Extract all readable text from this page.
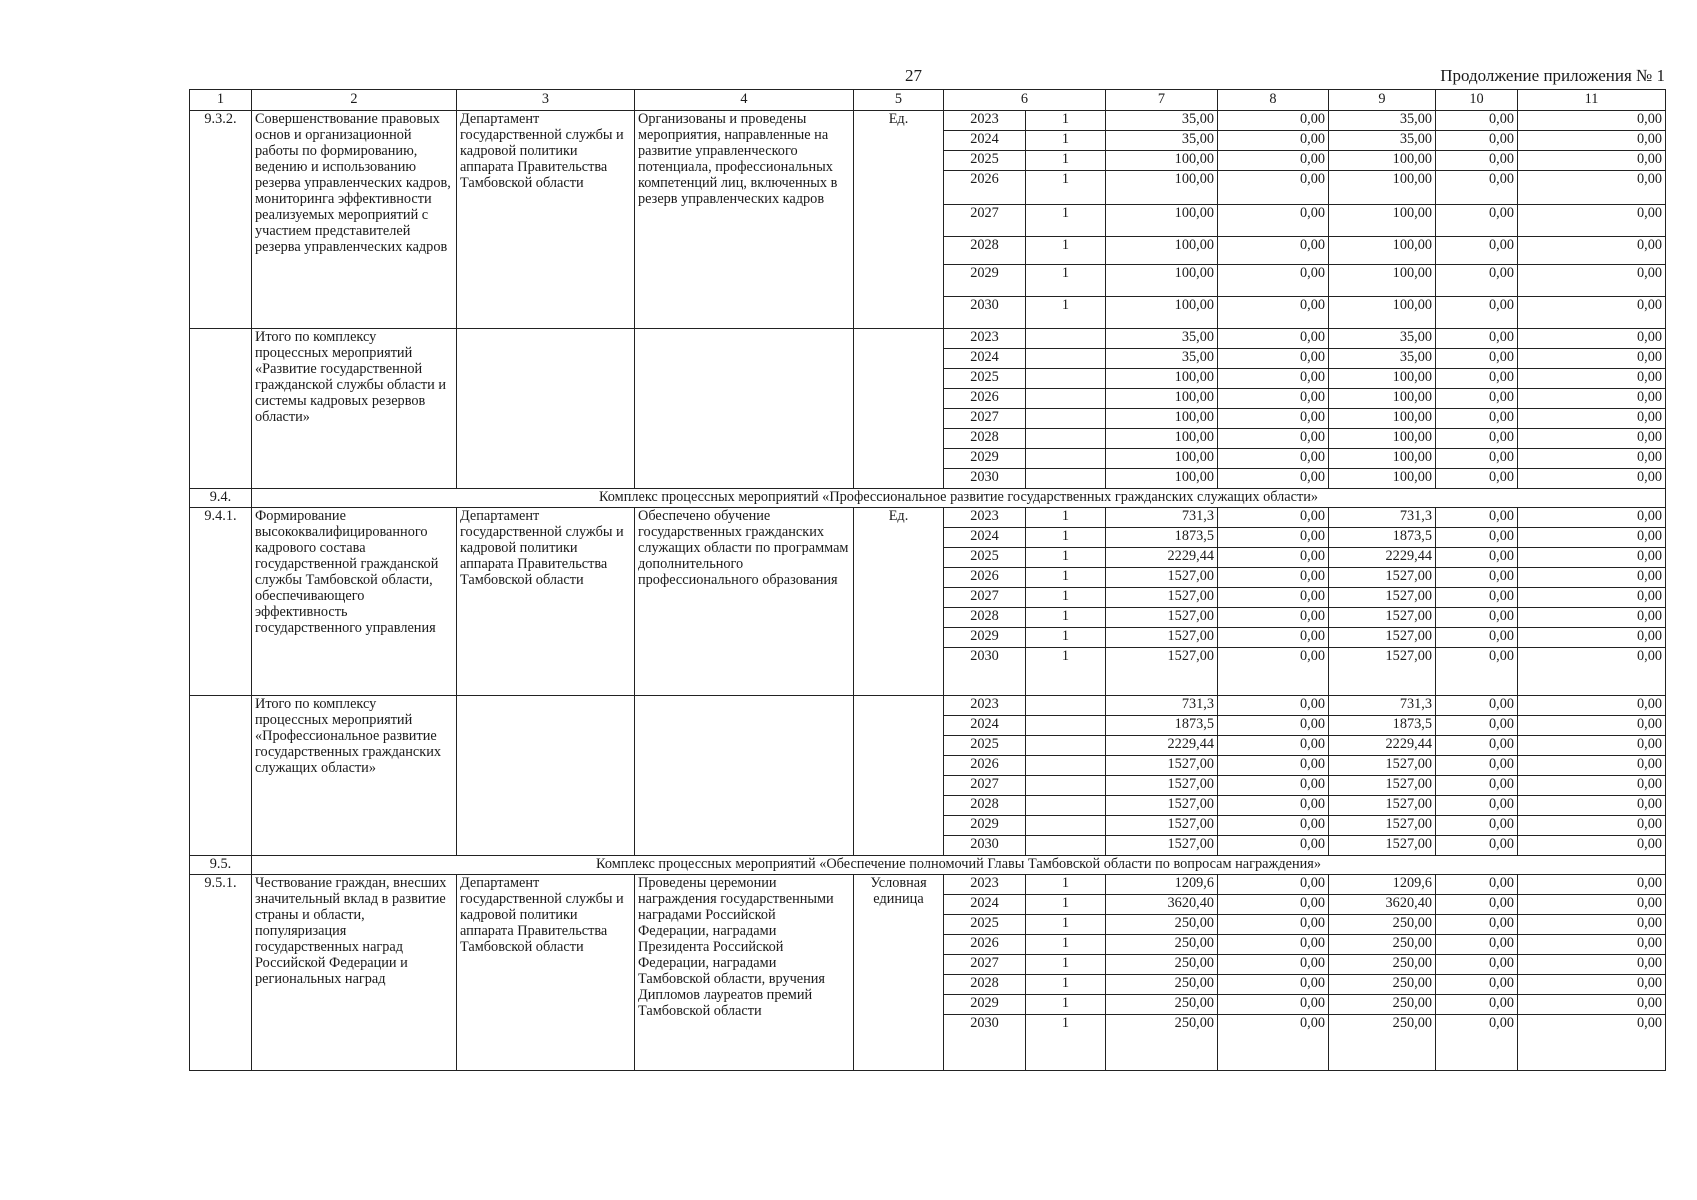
27	Продолжение приложения № 1
1	2	3	4	5	6		7	8	9	10	11
9.3.2.	Совершенствование правовых основ и организационной работы по формированию, ведению и использованию резерва управленческих кадров, мониторинга эффективности реализуемых мероприятий с участием представителей резерва управленческих кадров	Департамент государственной службы и кадровой политики аппарата Правительства Тамбовской области	Организованы и проведены мероприятия, направленные на развитие управленческого потенциала, профессиональных компетенций лиц, включенных в резерв управленческих кадров	Ед.	2023	1	35,00	0,00	35,00	0,00	0,00
					2024	1	35,00	0,00	35,00	0,00	0,00
					2025	1	100,00	0,00	100,00	0,00	0,00
					2026	1	100,00	0,00	100,00	0,00	0,00
					2027	1	100,00	0,00	100,00	0,00	0,00
					2028	1	100,00	0,00	100,00	0,00	0,00
					2029	1	100,00	0,00	100,00	0,00	0,00
					2030	1	100,00	0,00	100,00	0,00	0,00
	Итого по комплексу процессных мероприятий «Развитие государственной гражданской службы области и системы кадровых резервов области»				2023		35,00	0,00	35,00	0,00	0,00
					2024		35,00	0,00	35,00	0,00	0,00
					2025		100,00	0,00	100,00	0,00	0,00
					2026		100,00	0,00	100,00	0,00	0,00
					2027		100,00	0,00	100,00	0,00	0,00
					2028		100,00	0,00	100,00	0,00	0,00
					2029		100,00	0,00	100,00	0,00	0,00
					2030		100,00	0,00	100,00	0,00	0,00
9.4.	Комплекс процессных мероприятий «Профессиональное развитие государственных гражданских служащих области»										
9.4.1.	Формирование высококвалифицированного кадрового состава государственной гражданской службы Тамбовской области, обеспечивающего эффективность государственного управления	Департамент государственной службы и кадровой политики аппарата Правительства Тамбовской области	Обеспечено обучение государственных гражданских служащих области по программам дополнительного профессионального образования	Ед.	2023	1	731,3	0,00	731,3	0,00	0,00
					2024	1	1873,5	0,00	1873,5	0,00	0,00
					2025	1	2229,44	0,00	2229,44	0,00	0,00
					2026	1	1527,00	0,00	1527,00	0,00	0,00
					2027	1	1527,00	0,00	1527,00	0,00	0,00
					2028	1	1527,00	0,00	1527,00	0,00	0,00
					2029	1	1527,00	0,00	1527,00	0,00	0,00
					2030	1	1527,00	0,00	1527,00	0,00	0,00
	Итого по комплексу процессных мероприятий «Профессиональное развитие государственных гражданских служащих области»				2023		731,3	0,00	731,3	0,00	0,00
					2024		1873,5	0,00	1873,5	0,00	0,00
					2025		2229,44	0,00	2229,44	0,00	0,00
					2026		1527,00	0,00	1527,00	0,00	0,00
					2027		1527,00	0,00	1527,00	0,00	0,00
					2028		1527,00	0,00	1527,00	0,00	0,00
					2029		1527,00	0,00	1527,00	0,00	0,00
					2030		1527,00	0,00	1527,00	0,00	0,00
9.5.	Комплекс процессных мероприятий «Обеспечение полномочий Главы Тамбовской области по вопросам награждения»										
9.5.1.	Чествование граждан, внесших значительный вклад в развитие страны и области, популяризация государственных наград Российской Федерации и региональных наград	Департамент государственной службы и кадровой политики аппарата Правительства Тамбовской области	Проведены церемонии награждения государственными наградами Российской Федерации, наградами Президента Российской Федерации, наградами Тамбовской области, вручения Дипломов лауреатов премий Тамбовской области	Условная единица	2023	1	1209,6	0,00	1209,6	0,00	0,00
					2024	1	3620,40	0,00	3620,40	0,00	0,00
					2025	1	250,00	0,00	250,00	0,00	0,00
					2026	1	250,00	0,00	250,00	0,00	0,00
					2027	1	250,00	0,00	250,00	0,00	0,00
					2028	1	250,00	0,00	250,00	0,00	0,00
					2029	1	250,00	0,00	250,00	0,00	0,00
					2030	1	250,00	0,00	250,00	0,00	0,00
